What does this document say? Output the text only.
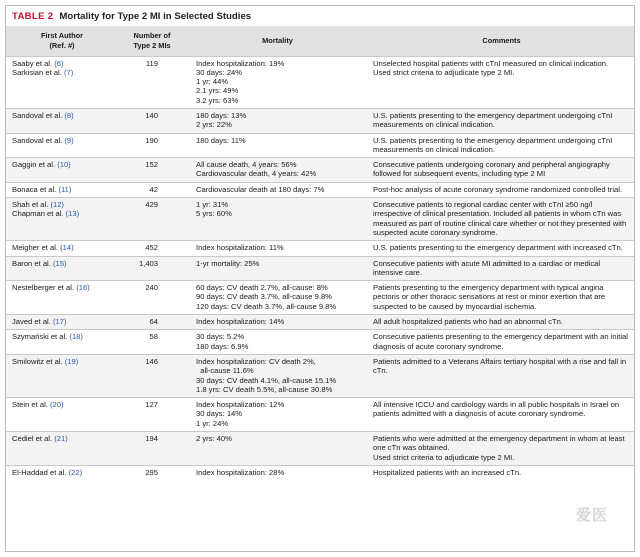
TABLE 2 Mortality for Type 2 MI in Selected Studies
First Author
(Ref. #)	Number of
Type 2 MIs	Mortality	Comments

Saaby et al. (6)
Sarkisian et al. (7)	119	Index hospitalization: 19%
30 days: 24%
1 yr: 44%
2.1 yrs: 49%
3.2 yrs: 63%	Unselected hospital patients with cTnI measured on clinical indication.
Used strict criteria to adjudicate type 2 MI.

Sandoval et al. (8)	140	180 days: 13%
2 yrs: 22%	U.S. patients presenting to the emergency department undergoing cTnI measurements on clinical indication.

Sandoval et al. (9)	190	180 days: 11%	U.S. patients presenting to the emergency department undergoing cTnI measurements on clinical indication.

Gaggin et al. (10)	152	All cause death, 4 years: 56%
Cardiovascular death, 4 years: 42%	Consecutive patients undergoing coronary and peripheral angiography followed for subsequent events, including type 2 MI

Bonaca et al. (11)	42	Cardiovascular death at 180 days: 7%	Post-hoc analysis of acute coronary syndrome randomized controlled trial.

Shah et al. (12)
Chapman et al. (13)	429	1 yr: 31%
5 yrs: 60%	Consecutive patients to regional cardiac center with cTnI ≥50 ng/l irrespective of clinical presentation. Included all patients in whom cTn was measured as part of routine clinical care whether or not they presented with suspected acute coronary syndrome.

Meigher et al. (14)	452	Index hospitalization: 11%	U.S. patients presenting to the emergency department with increased cTn.

Baron et al. (15)	1,403	1-yr mortality: 25%	Consecutive patients with acute MI admitted to a cardiac or medical intensive care.

Nestelberger et al. (16)	240	60 days: CV death 2.7%, all-cause: 8%
90 days: CV death 3.7%, all-cause 9.8%
120 days: CV death 3.7%, all-cause 9.8%	Patients presenting to the emergency department with typical angina pectoris or other thoracic sensations at rest or minor exertion that are suspected to be caused by myocardial ischemia.

Javed et al. (17)	64	Index hospitalization: 14%	All adult hospitalized patients who had an abnormal cTn.

Szymański et al. (18)	58	30 days: 5.2%
180 days: 6.9%	Consecutive patients presenting to the emergency department with an initial diagnosis of acute coronary syndrome.

Smilowitz et al. (19)	146	Index hospitalization: CV death 2%,
all-cause 11.6%
30 days: CV death 4.1%, all-cause 15.1%
1.8 yrs: CV death 5.5%, all-cause 30.8%	Patients admitted to a Veterans Affairs tertiary hospital with a rise and fall in cTn.

Stein et al. (20)	127	Index hospitalization: 12%
30 days: 14%
1 yr: 24%	All intensive ICCU and cardiology wards in all public hospitals in Israel on patients admitted with a diagnosis of acute coronary syndrome.

Cediel et al. (21)	194	2 yrs: 40%	Patients who were admitted at the emergency department in whom at least one cTn was obtained.
Used strict criteria to adjudicate type 2 MI.

El-Haddad et al. (22)	295	Index hospitalization: 28%	Hospitalized patients with an increased cTn.
爱医
